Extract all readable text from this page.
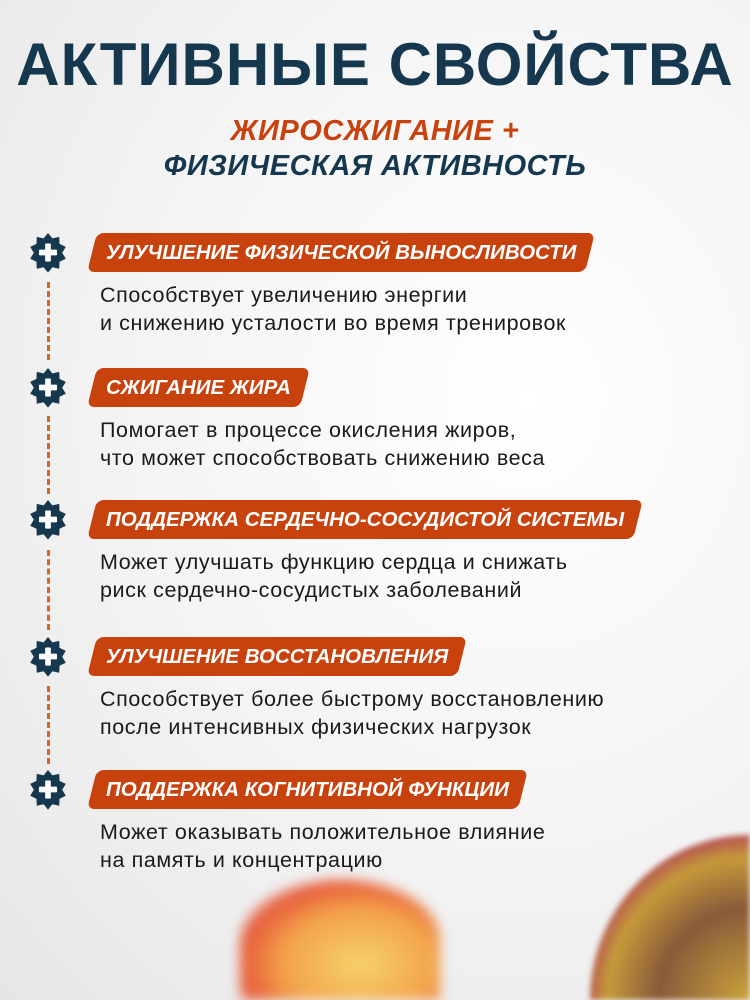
АКТИВНЫЕ СВОЙСТВА
ЖИРОСЖИГАНИЕ +
ФИЗИЧЕСКАЯ АКТИВНОСТЬ
УЛУЧШЕНИЕ ФИЗИЧЕСКОЙ ВЫНОСЛИВОСТИ
Способствует увеличению энергии
и снижению усталости во время тренировок
СЖИГАНИЕ ЖИРА
Помогает в процессе окисления жиров,
что может способствовать снижению веса
ПОДДЕРЖКА СЕРДЕЧНО-СОСУДИСТОЙ СИСТЕМЫ
Может улучшать функцию сердца и снижать
риск сердечно-сосудистых заболеваний
УЛУЧШЕНИЕ ВОССТАНОВЛЕНИЯ
Способствует более быстрому восстановлению
после интенсивных физических нагрузок
ПОДДЕРЖКА КОГНИТИВНОЙ ФУНКЦИИ
Может оказывать положительное влияние
на память и концентрацию
